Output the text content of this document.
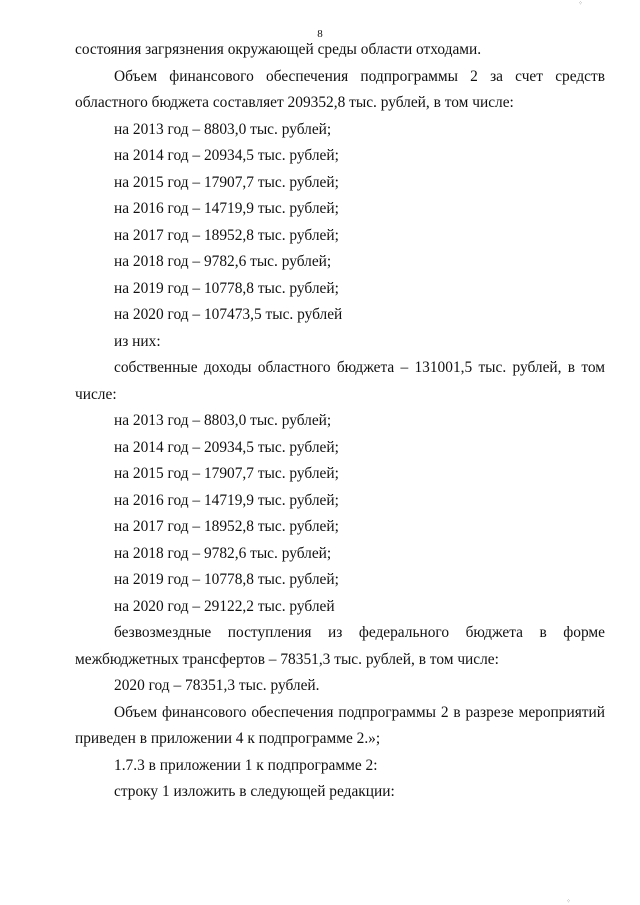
8
⁘
состояния загрязнения окружающей среды области отходами.
Объем финансового обеспечения подпрограммы 2 за счет средств
областного бюджета составляет 209352,8 тыс. рублей, в том числе:
на 2013 год – 8803,0 тыс. рублей;
на 2014 год – 20934,5 тыс. рублей;
на 2015 год – 17907,7 тыс. рублей;
на 2016 год – 14719,9 тыс. рублей;
на 2017 год – 18952,8 тыс. рублей;
на 2018 год – 9782,6 тыс. рублей;
на 2019 год – 10778,8 тыс. рублей;
на 2020 год – 107473,5 тыс. рублей
из них:
собственные доходы областного бюджета – 131001,5 тыс. рублей, в том
числе:
на 2013 год – 8803,0 тыс. рублей;
на 2014 год – 20934,5 тыс. рублей;
на 2015 год – 17907,7 тыс. рублей;
на 2016 год – 14719,9 тыс. рублей;
на 2017 год – 18952,8 тыс. рублей;
на 2018 год – 9782,6 тыс. рублей;
на 2019 год – 10778,8 тыс. рублей;
на 2020 год – 29122,2 тыс. рублей
безвозмездные поступления из федерального бюджета в форме
межбюджетных трансфертов – 78351,3 тыс. рублей, в том числе:
2020 год – 78351,3 тыс. рублей.
Объем финансового обеспечения подпрограммы 2 в разрезе мероприятий
приведен в приложении 4 к подпрограмме 2.»;
1.7.3 в приложении 1 к подпрограмме 2:
строку 1 изложить в следующей редакции:
⁘
